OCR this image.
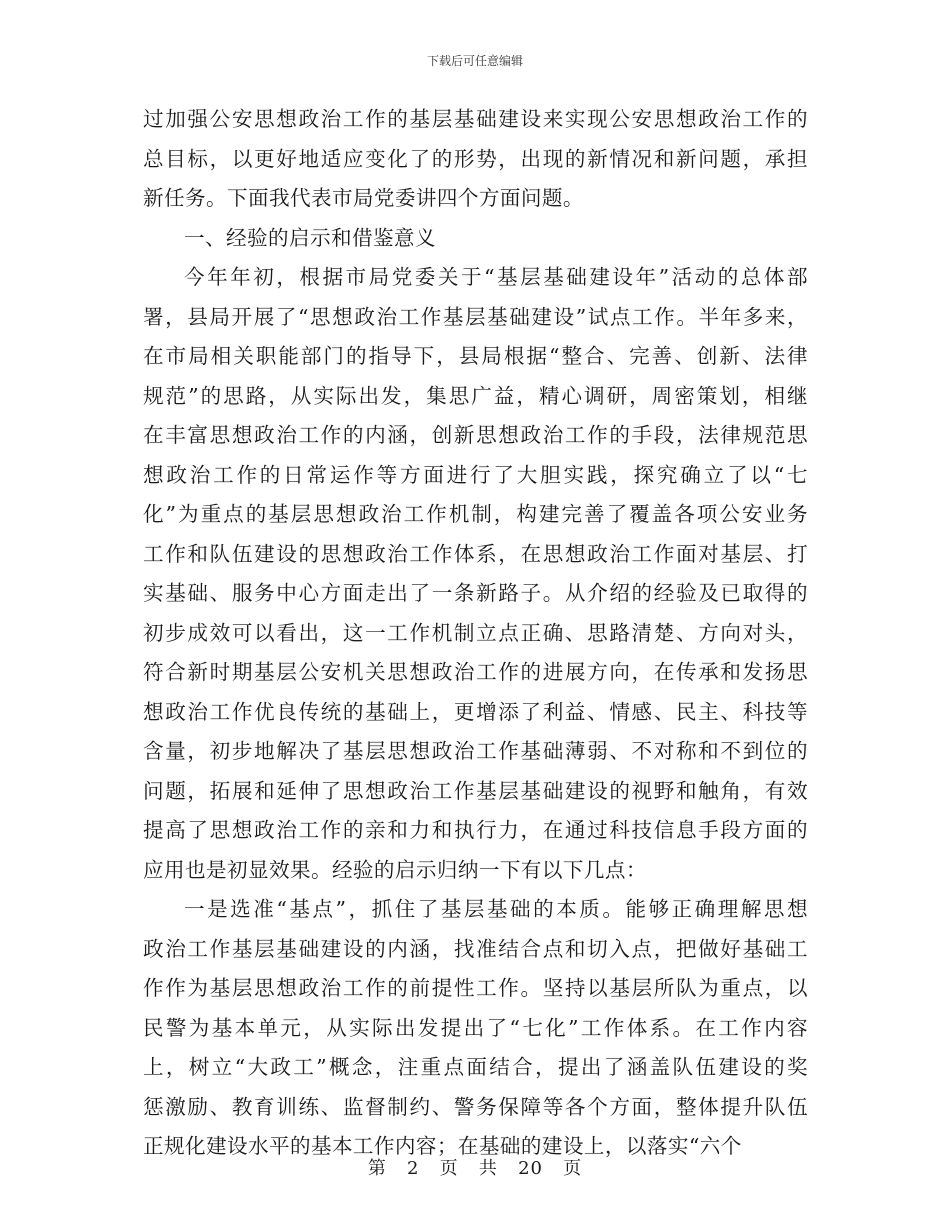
下载后可任意编辑
过加强公安思想政治工作的基层基础建设来实现公安思想政治工作的
总目标，以更好地适应变化了的形势，出现的新情况和新问题，承担
新任务。下面我代表市局党委讲四个方面问题。
一、经验的启示和借鉴意义
今年年初，根据市局党委关于“基层基础建设年”活动的总体部
署，县局开展了“思想政治工作基层基础建设”试点工作。半年多来，
在市局相关职能部门的指导下，县局根据“整合、完善、创新、法律
规范”的思路，从实际出发，集思广益，精心调研，周密策划，相继
在丰富思想政治工作的内涵，创新思想政治工作的手段，法律规范思
想政治工作的日常运作等方面进行了大胆实践，探究确立了以“七
化”为重点的基层思想政治工作机制，构建完善了覆盖各项公安业务
工作和队伍建设的思想政治工作体系，在思想政治工作面对基层、打
实基础、服务中心方面走出了一条新路子。从介绍的经验及已取得的
初步成效可以看出，这一工作机制立点正确、思路清楚、方向对头，
符合新时期基层公安机关思想政治工作的进展方向，在传承和发扬思
想政治工作优良传统的基础上，更增添了利益、情感、民主、科技等
含量，初步地解决了基层思想政治工作基础薄弱、不对称和不到位的
问题，拓展和延伸了思想政治工作基层基础建设的视野和触角，有效
提高了思想政治工作的亲和力和执行力，在通过科技信息手段方面的
应用也是初显效果。经验的启示归纳一下有以下几点：
一是选准“基点”，抓住了基层基础的本质。能够正确理解思想
政治工作基层基础建设的内涵，找准结合点和切入点，把做好基础工
作作为基层思想政治工作的前提性工作。坚持以基层所队为重点，以
民警为基本单元，从实际出发提出了“七化”工作体系。在工作内容
上，树立“大政工”概念，注重点面结合，提出了涵盖队伍建设的奖
惩激励、教育训练、监督制约、警务保障等各个方面，整体提升队伍
正规化建设水平的基本工作内容；在基础的建设上，以落实“六个
第 2 页 共 20 页
